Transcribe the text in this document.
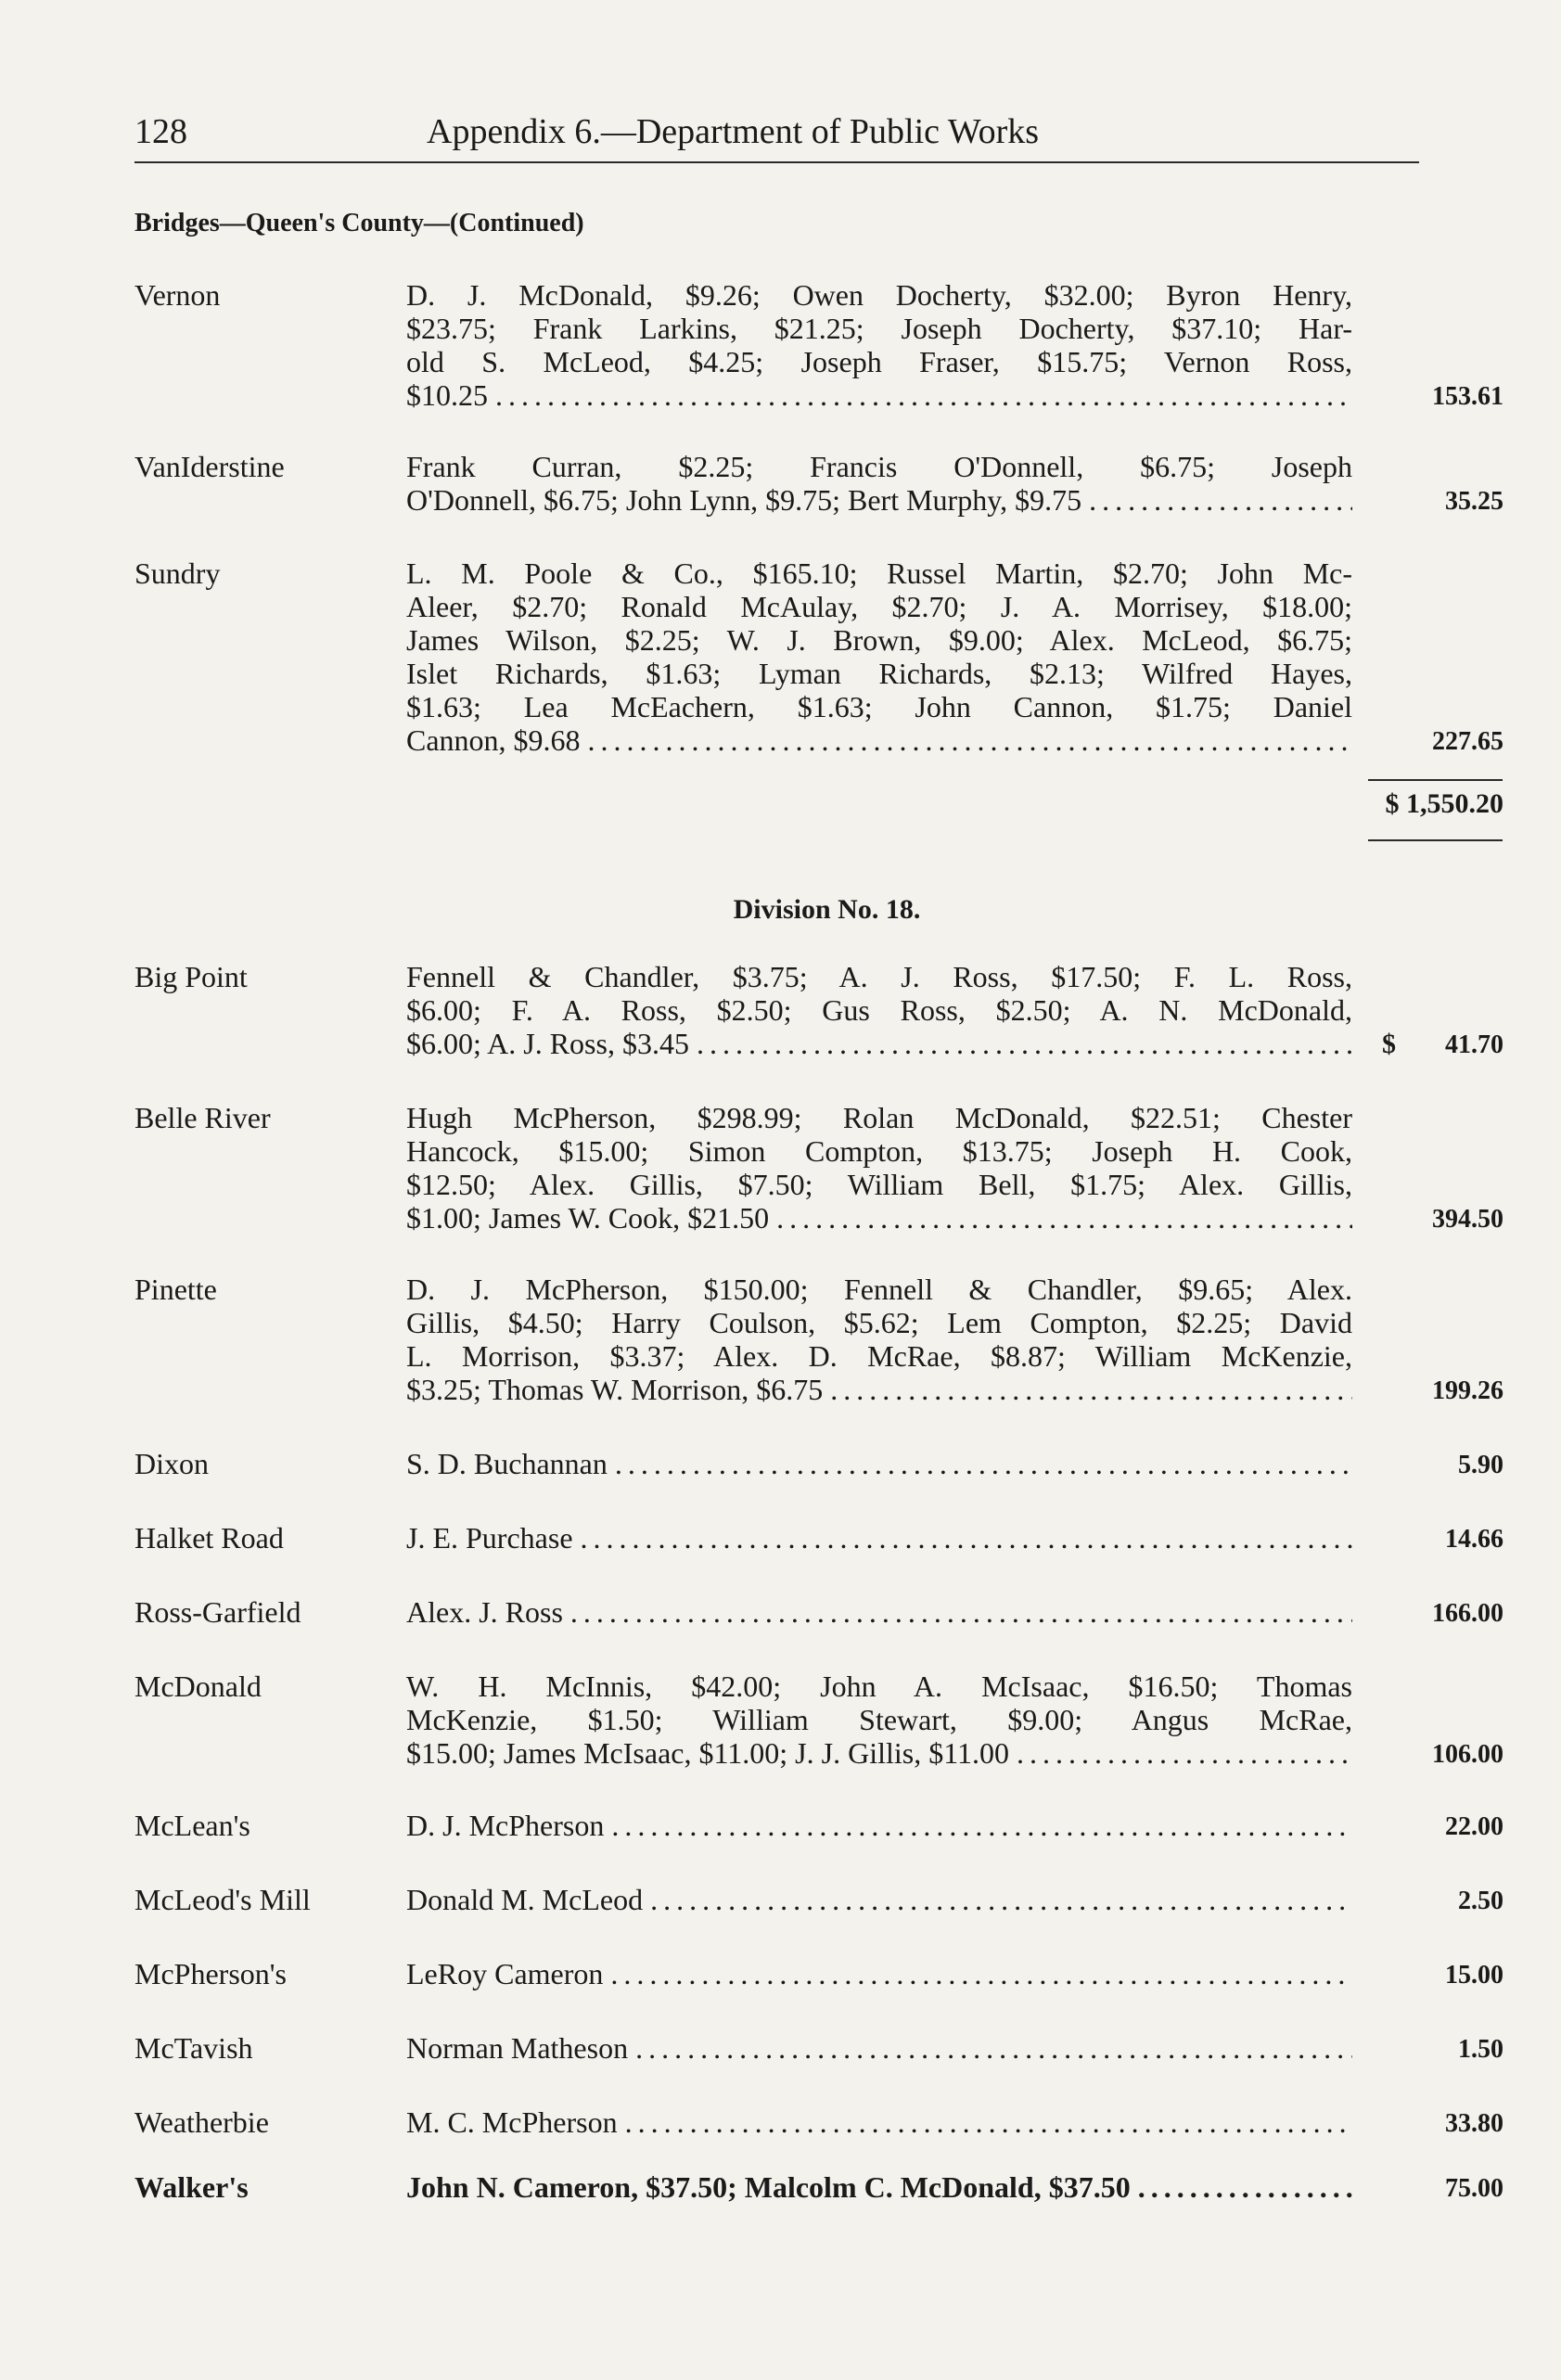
128	Appendix 6.—Department of Public Works
Bridges—Queen's County—(Continued)
Vernon	D. J. McDonald, $9.26; Owen Docherty, $32.00; Byron Henry,
$23.75; Frank Larkins, $21.25; Joseph Docherty, $37.10; Har-
old S. McLeod, $4.25; Joseph Fraser, $15.75; Vernon Ross,
$10.25 .....	153.61
VanIderstine	Frank Curran, $2.25; Francis O'Donnell, $6.75; Joseph
O'Donnell, $6.75; John Lynn, $9.75; Bert Murphy, $9.75 .....	35.25
Sundry	L. M. Poole & Co., $165.10; Russel Martin, $2.70; John Mc-
Aleer, $2.70; Ronald McAulay, $2.70; J. A. Morrisey, $18.00;
James Wilson, $2.25; W. J. Brown, $9.00; Alex. McLeod, $6.75;
Islet Richards, $1.63; Lyman Richards, $2.13; Wilfred Hayes,
$1.63; Lea McEachern, $1.63; John Cannon, $1.75; Daniel
Cannon, $9.68 .....	227.65
$ 1,550.20
Division No. 18.
Big Point	Fennell & Chandler, $3.75; A. J. Ross, $17.50; F. L. Ross,
$6.00; F. A. Ross, $2.50; Gus Ross, $2.50; A. N. McDonald,
$6.00; A. J. Ross, $3.45 .....	$ 41.70
Belle River	Hugh McPherson, $298.99; Rolan McDonald, $22.51; Chester
Hancock, $15.00; Simon Compton, $13.75; Joseph H. Cook,
$12.50; Alex. Gillis, $7.50; William Bell, $1.75; Alex. Gillis,
$1.00; James W. Cook, $21.50 .....	394.50
Pinette	D. J. McPherson, $150.00; Fennell & Chandler, $9.65; Alex.
Gillis, $4.50; Harry Coulson, $5.62; Lem Compton, $2.25; David
L. Morrison, $3.37; Alex. D. McRae, $8.87; William McKenzie,
$3.25; Thomas W. Morrison, $6.75 .....	199.26
Dixon	S. D. Buchannan .....	5.90
Halket Road	J. E. Purchase .....	14.66
Ross-Garfield	Alex. J. Ross .....	166.00
McDonald	W. H. McInnis, $42.00; John A. McIsaac, $16.50; Thomas
McKenzie, $1.50; William Stewart, $9.00; Angus McRae,
$15.00; James McIsaac, $11.00; J. J. Gillis, $11.00 .....	106.00
McLean's	D. J. McPherson .....	22.00
McLeod's Mill	Donald M. McLeod .....	2.50
McPherson's	LeRoy Cameron .....	15.00
McTavish	Norman Matheson .....	1.50
Weatherbie	M. C. McPherson .....	33.80
Walker's	John N. Cameron, $37.50; Malcolm C. McDonald, $37.50 .....	75.00
